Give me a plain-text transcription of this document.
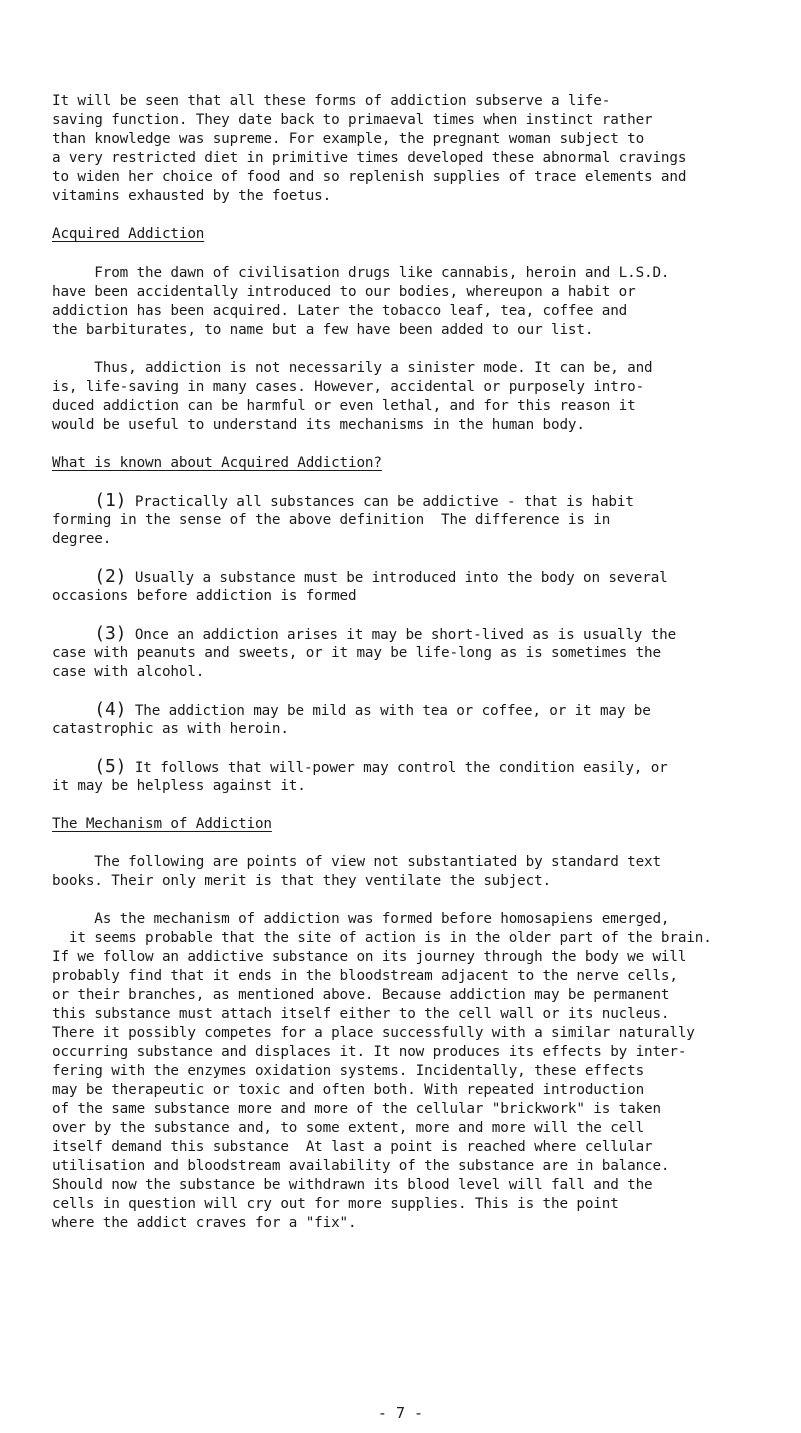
It will be seen that all these forms of addiction subserve a life-
saving function. They date back to primaeval times when instinct rather
than knowledge was supreme. For example, the pregnant woman subject to
a very restricted diet in primitive times developed these abnormal cravings
to widen her choice of food and so replenish supplies of trace elements and
vitamins exhausted by the foetus.
Acquired Addiction
From the dawn of civilisation drugs like cannabis, heroin and L.S.D.
have been accidentally introduced to our bodies, whereupon a habit or
addiction has been acquired. Later the tobacco leaf, tea, coffee and
the barbiturates, to name but a few have been added to our list.
Thus, addiction is not necessarily a sinister mode. It can be, and
is, life-saving in many cases. However, accidental or purposely intro-
duced addiction can be harmful or even lethal, and for this reason it
would be useful to understand its mechanisms in the human body.
What is known about Acquired Addiction?
(1) Practically all substances can be addictive - that is habit
forming in the sense of the above definition  The difference is in
degree.
(2) Usually a substance must be introduced into the body on several
occasions before addiction is formed
(3) Once an addiction arises it may be short-lived as is usually the
case with peanuts and sweets, or it may be life-long as is sometimes the
case with alcohol.
(4) The addiction may be mild as with tea or coffee, or it may be
catastrophic as with heroin.
(5) It follows that will-power may control the condition easily, or
it may be helpless against it.
The Mechanism of Addiction
The following are points of view not substantiated by standard text
books. Their only merit is that they ventilate the subject.
As the mechanism of addiction was formed before homosapiens emerged,
it seems probable that the site of action is in the older part of the brain.
If we follow an addictive substance on its journey through the body we will
probably find that it ends in the bloodstream adjacent to the nerve cells,
or their branches, as mentioned above. Because addiction may be permanent
this substance must attach itself either to the cell wall or its nucleus.
There it possibly competes for a place successfully with a similar naturally
occurring substance and displaces it. It now produces its effects by inter-
fering with the enzymes oxidation systems. Incidentally, these effects
may be therapeutic or toxic and often both. With repeated introduction
of the same substance more and more of the cellular "brickwork" is taken
over by the substance and, to some extent, more and more will the cell
itself demand this substance  At last a point is reached where cellular
utilisation and bloodstream availability of the substance are in balance.
Should now the substance be withdrawn its blood level will fall and the
cells in question will cry out for more supplies. This is the point
where the addict craves for a "fix".
- 7 -
